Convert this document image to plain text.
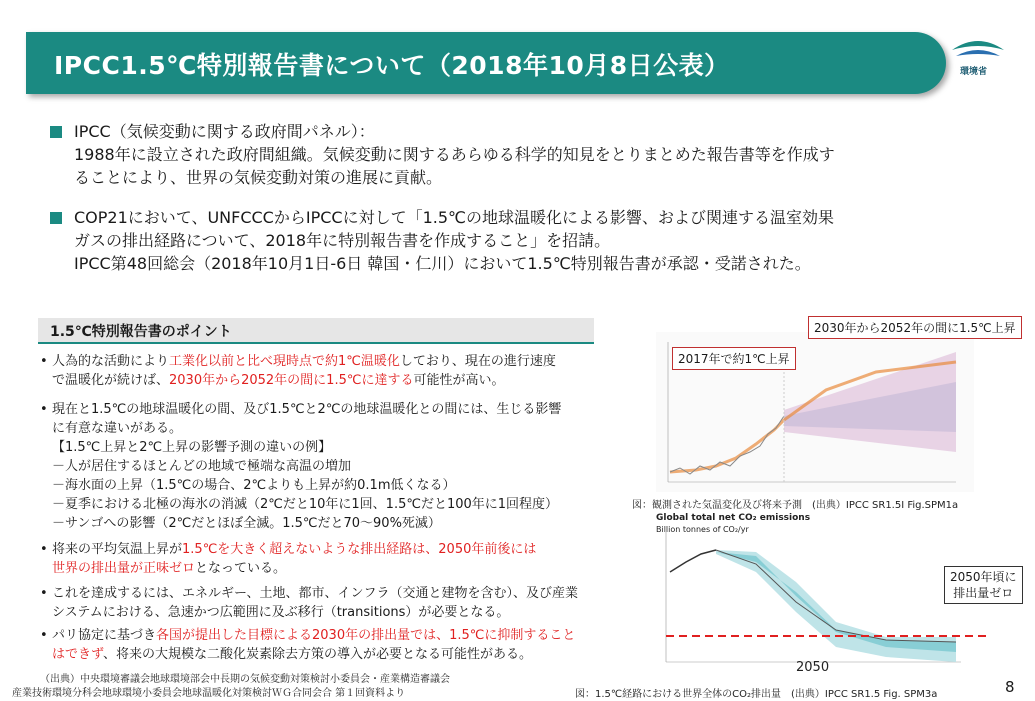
IPCC1.5℃特別報告書について（2018年10月8日公表）	環境省
IPCC（気候変動に関する政府間パネル）：
1988年に設立された政府間組織。気候変動に関するあらゆる科学的知見をとりまとめた報告書等を作成す
ることにより、世界の気候変動対策の進展に貢献。
COP21において、UNFCCCからIPCCに対して「1.5℃の地球温暖化による影響、および関連する温室効果
ガスの排出経路について、2018年に特別報告書を作成すること」を招請。
IPCC第48回総会（2018年10月1日-6日 韓国・仁川）において1.5℃特別報告書が承認・受諾された。
1.5℃特別報告書のポイント
• 人為的な活動により工業化以前と比べ現時点で約1℃温暖化しており、現在の進行速度
で温暖化が続けば、2030年から2052年の間に1.5℃に達する可能性が高い。
• 現在と1.5℃の地球温暖化の間、及び1.5℃と2℃の地球温暖化との間には、生じる影響
に有意な違いがある。
【1.5℃上昇と2℃上昇の影響予測の違いの例】
－人が居住するほとんどの地域で極端な高温の増加
－海水面の上昇（1.5℃の場合、2℃よりも上昇が約0.1m低くなる）
－夏季における北極の海氷の消滅（2℃だと10年に1回、1.5℃だと100年に1回程度）
－サンゴへの影響（2℃だとほぼ全滅。1.5℃だと70～90%死滅）
• 将来の平均気温上昇が1.5℃を大きく超えないような排出経路は、2050年前後には
世界の排出量が正味ゼロとなっている。
• これを達成するには、エネルギー、土地、都市、インフラ（交通と建物を含む）、及び産業
システムにおける、急速かつ広範囲に及ぶ移行（transitions）が必要となる。
• パリ協定に基づき各国が提出した目標による2030年の排出量では、1.5℃に抑制すること
はできず、将来の大規模な二酸化炭素除去方策の導入が必要となる可能性がある。
（出典）中央環境審議会地球環境部会中長期の気候変動対策検討小委員会・産業構造審議会
産業技術環境分科会地球環境小委員会地球温暖化対策検討ＷＧ合同会合 第１回資料より
2030年から2052年の間に1.5℃上昇
2017年で約1℃上昇
図：観測された気温変化及び将来予測　(出典）IPCC SR1.5I Fig.SPM1a
Global total net CO₂ emissions
Billion tonnes of CO₂/yr
2050年頃に
排出量ゼロ
2050
図：1.5℃経路における世界全体のCO₂排出量　(出典）IPCC SR1.5 Fig. SPM3a	8
